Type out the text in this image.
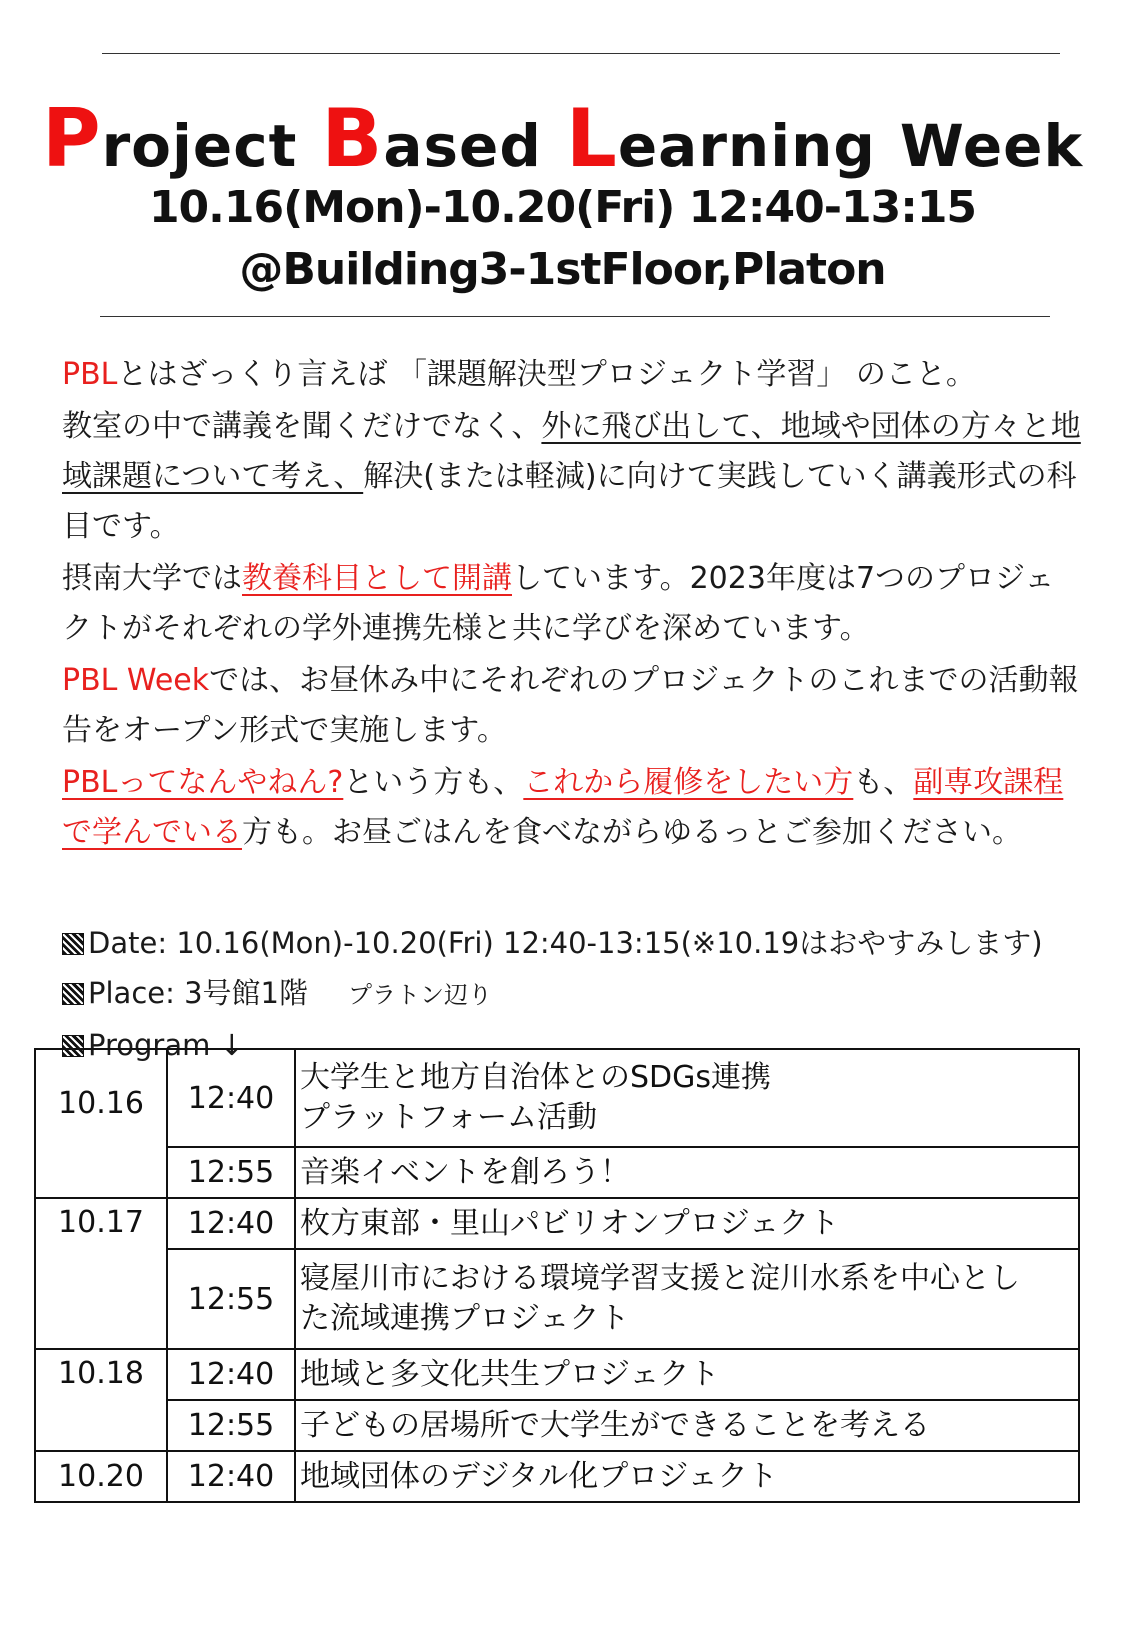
Project Based Learning Week
10.16(Mon)-10.20(Fri) 12:40-13:15
@Building3-1stFloor,Platon

PBLとはざっくり言えば 「課題解決型プロジェクト学習」 のこと。

教室の中で講義を聞くだけでなく、外に飛び出して、地域や団体の方々と地域課題について考え、解決(または軽減)に向けて実践していく講義形式の科目です。

摂南大学では教養科目として開講しています。2023年度は7つのプロジェクトがそれぞれの学外連携先様と共に学びを深めています。

PBL Weekでは、お昼休み中にそれぞれのプロジェクトのこれまでの活動報告をオープン形式で実施します。

PBLってなんやねん?という方も、これから履修をしたい方も、副専攻課程で学んでいる方も。お昼ごはんを食べながらゆるっとご参加ください。

Date: 10.16(Mon)-10.20(Fri) 12:40-13:15(※10.19はおやすみします)
Place: 3号館1階 プラトン辺り
Program ↓
10.16	12:40	大学生と地方自治体とのSDGs連携
プラットフォーム活動
	12:55	音楽イベントを創ろう！
10.17	12:40	枚方東部・里山パビリオンプロジェクト
	12:55	寝屋川市における環境学習支援と淀川水系を中心とし
た流域連携プロジェクト
10.18	12:40	地域と多文化共生プロジェクト
	12:55	子どもの居場所で大学生ができることを考える
10.20	12:40	地域団体のデジタル化プロジェクト
